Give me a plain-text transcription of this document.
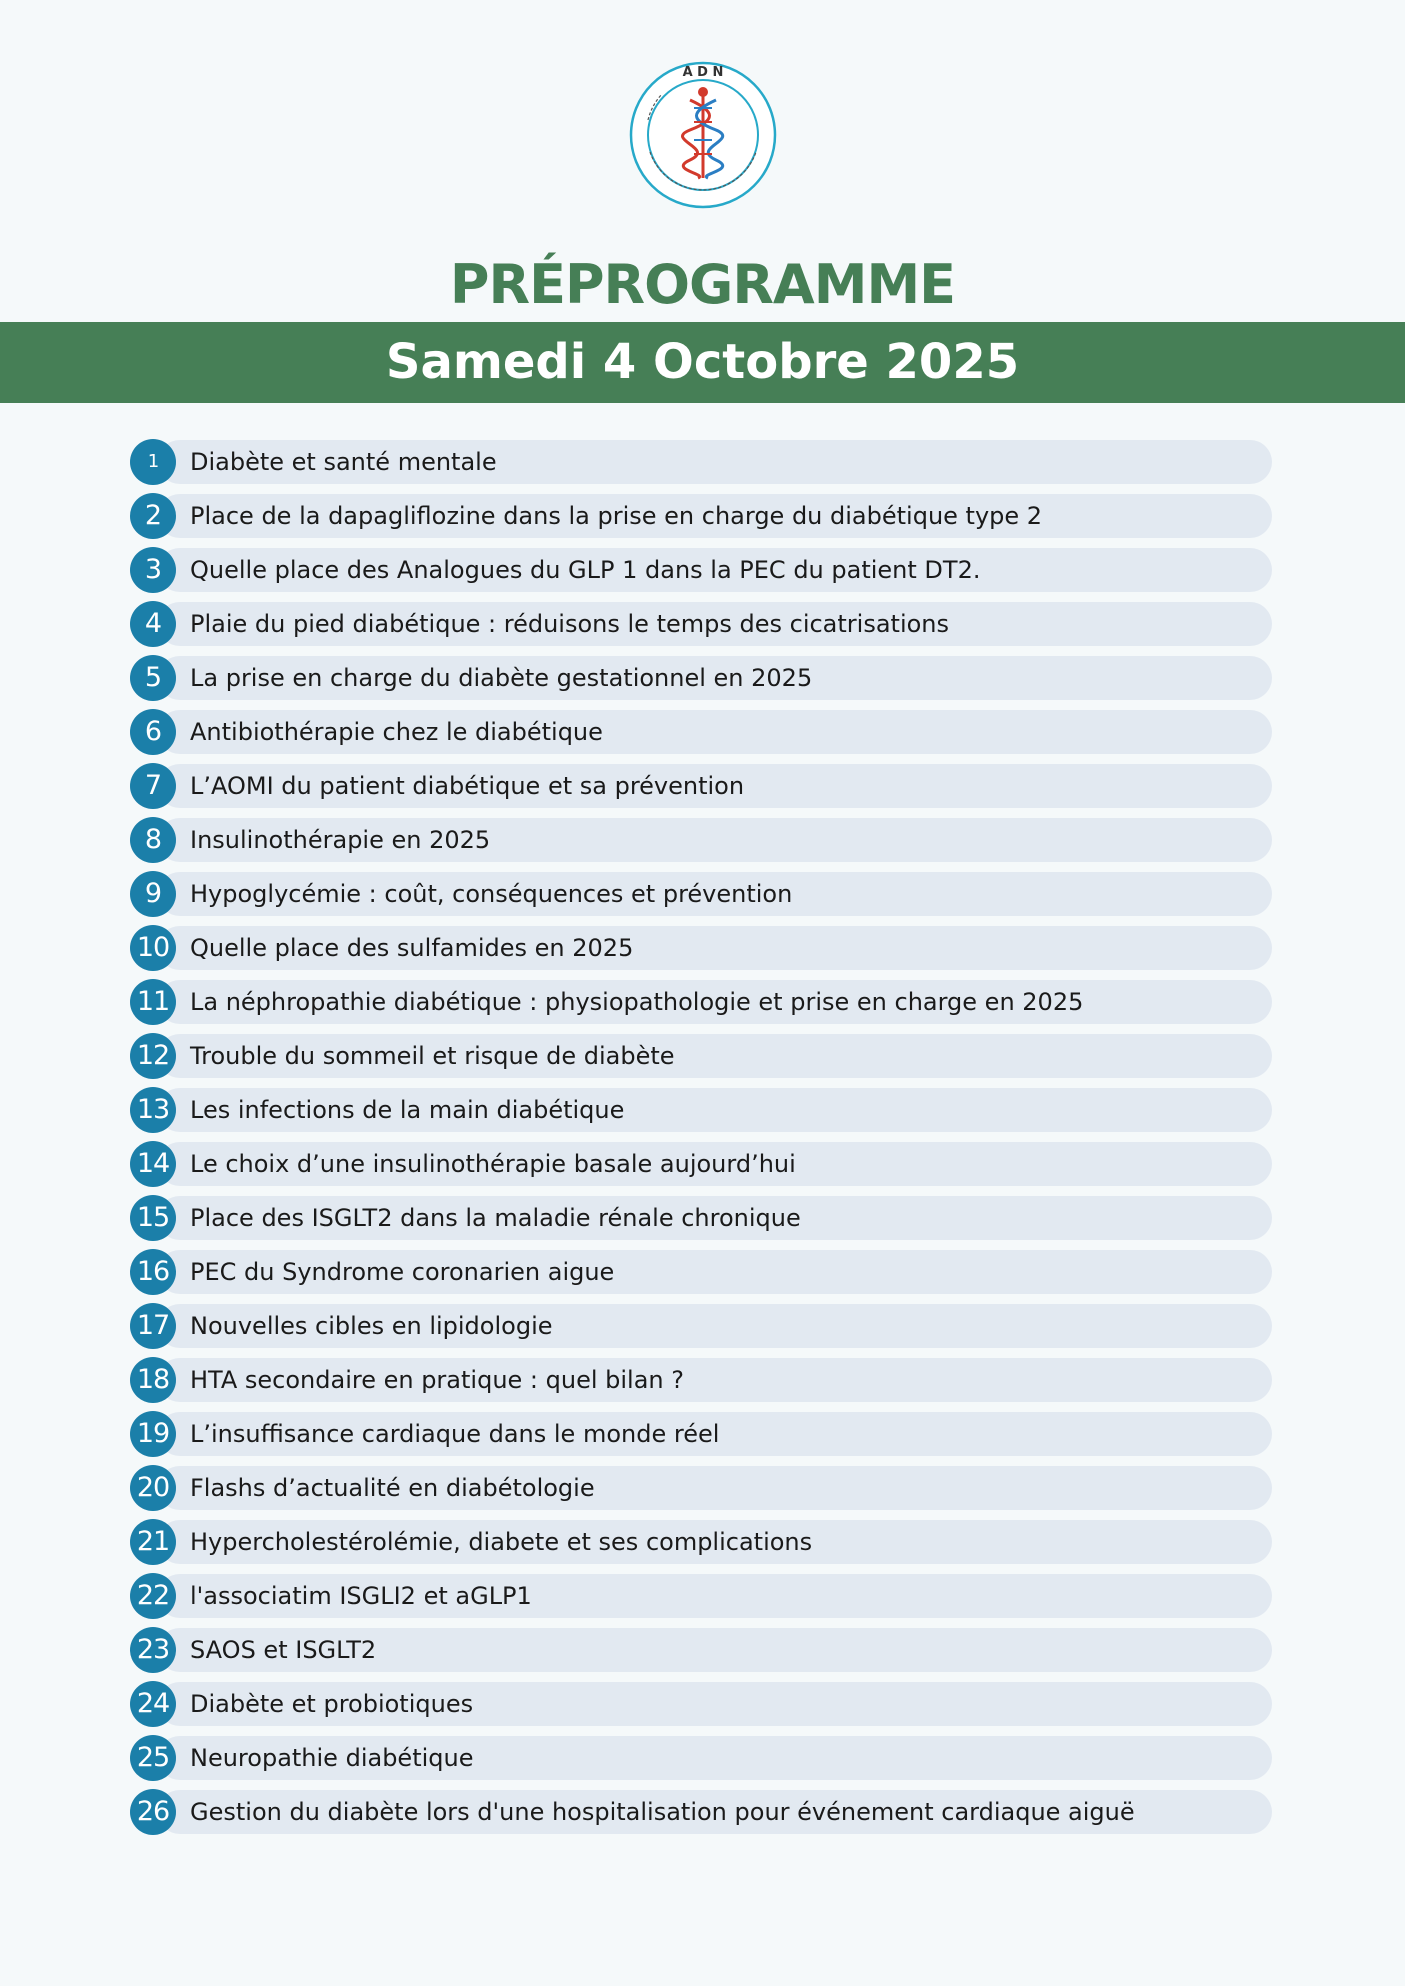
A D N
PRÉPROGRAMME
Samedi 4 Octobre 2025
1	Diabète et santé mentale
2	Place de la dapagliflozine dans la prise en charge du diabétique type 2
3	Quelle place des Analogues du GLP 1 dans la PEC du patient DT2.
4	Plaie du pied diabétique : réduisons le temps des cicatrisations
5	La prise en charge du diabète gestationnel en 2025
6	Antibiothérapie chez le diabétique
7	L’AOMI du patient diabétique et sa prévention
8	Insulinothérapie en 2025
9	Hypoglycémie : coût, conséquences et prévention
10 Quelle place des sulfamides en 2025
11 La néphropathie diabétique : physiopathologie et prise en charge en 2025
12 Trouble du sommeil et risque de diabète
13 Les infections de la main diabétique
14 Le choix d’une insulinothérapie basale aujourd’hui
15 Place des ISGLT2 dans la maladie rénale chronique
16 PEC du Syndrome coronarien aigue
17 Nouvelles cibles en lipidologie
18 HTA secondaire en pratique : quel bilan ?
19 L’insuffisance cardiaque dans le monde réel
20 Flashs d’actualité en diabétologie
21 Hypercholestérolémie, diabete et ses complications
22 l'associatim ISGLI2 et aGLP1
23 SAOS et ISGLT2
24 Diabète et probiotiques
25 Neuropathie diabétique
26 Gestion du diabète lors d'une hospitalisation pour événement cardiaque aiguë
